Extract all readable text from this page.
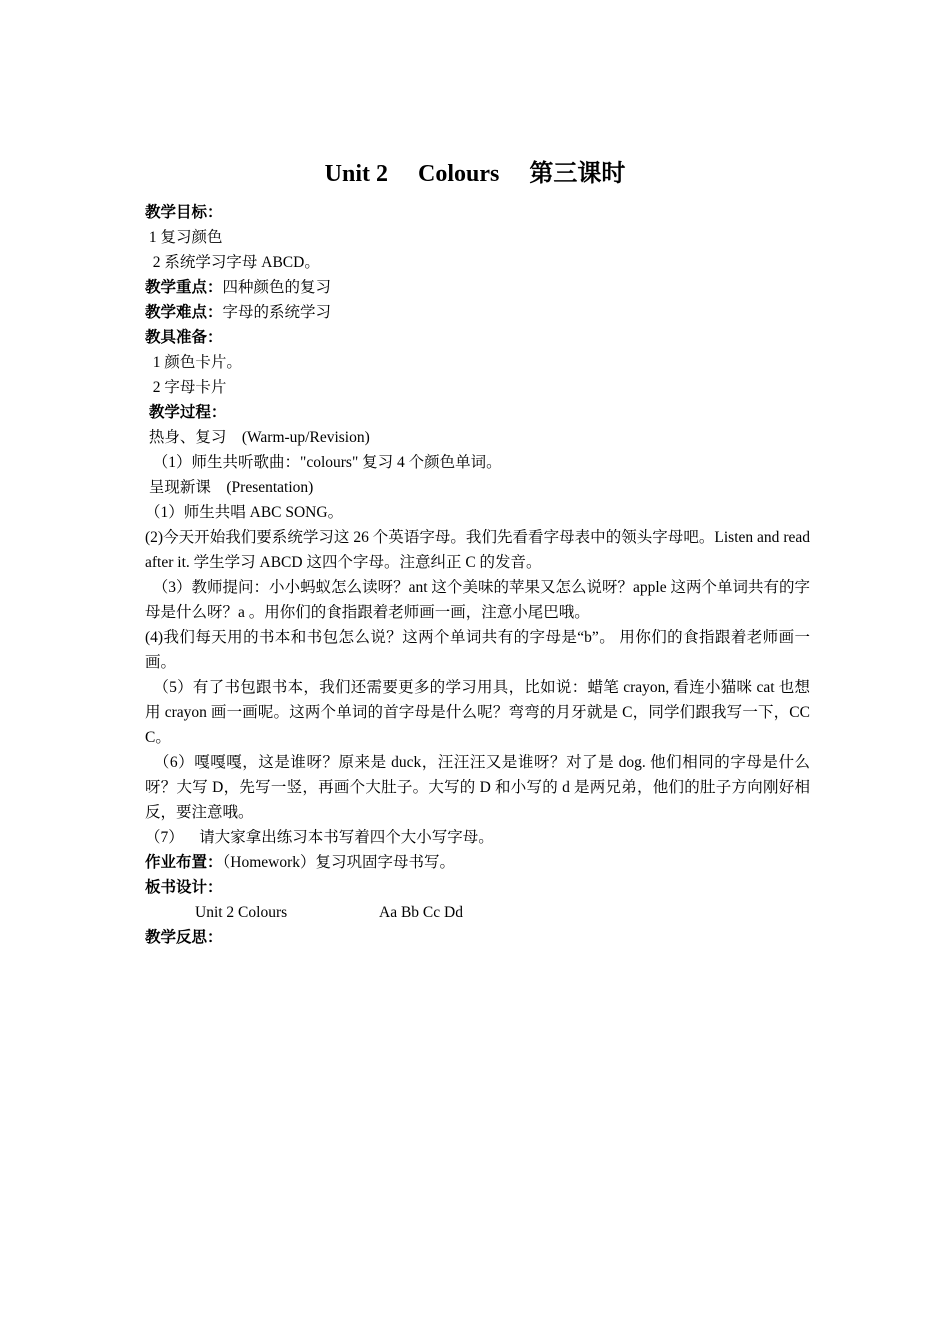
Unit 2     Colours     第三课时
教学目标：
1 复习颜色
2 系统学习字母 ABCD。
教学重点：四种颜色的复习
教学难点：字母的系统学习
教具准备：
1 颜色卡片。
2 字母卡片
教学过程：
热身、复习    (Warm-up/Revision)
（1）师生共听歌曲："colours" 复习 4 个颜色单词。
呈现新课    (Presentation)
（1）师生共唱 ABC SONG。
(2)今天开始我们要系统学习这 26 个英语字母。我们先看看字母表中的领头字母吧。Listen and read after it. 学生学习 ABCD 这四个字母。注意纠正 C 的发音。
（3）教师提问：小小蚂蚁怎么读呀？ant 这个美味的苹果又怎么说呀？apple 这两个单词共有的字母是什么呀？a 。用你们的食指跟着老师画一画，注意小尾巴哦。
(4)我们每天用的书本和书包怎么说？这两个单词共有的字母是“b”。 用你们的食指跟着老师画一画。
（5）有了书包跟书本，我们还需要更多的学习用具，比如说：蜡笔 crayon, 看连小猫咪 cat 也想用 crayon 画一画呢。这两个单词的首字母是什么呢？弯弯的月牙就是 C，同学们跟我写一下，CCC。
（6）嘎嘎嘎，这是谁呀？原来是 duck，汪汪汪又是谁呀？对了是 dog. 他们相同的字母是什么呀？大写 D，先写一竖，再画个大肚子。大写的 D 和小写的 d 是两兄弟，他们的肚子方向刚好相反，要注意哦。
（7）    请大家拿出练习本书写着四个大小写字母。
作业布置：（Homework）复习巩固字母书写。
板书设计：
Unit 2 Colours	Aa Bb Cc Dd
教学反思：
